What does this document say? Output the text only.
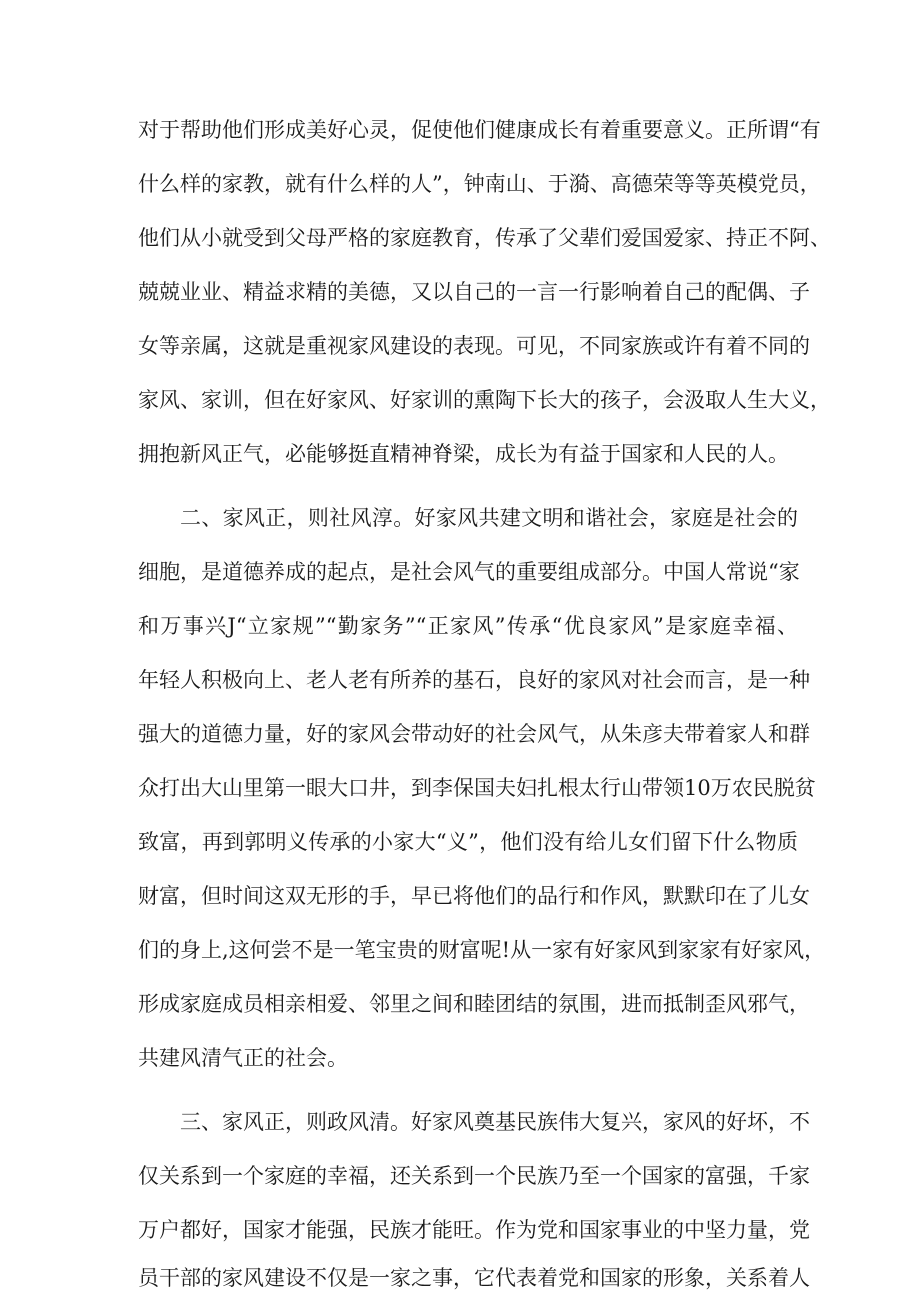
对于帮助他们形成美好心灵，促使他们健康成长有着重要意义。正所谓“有
什么样的家教，就有什么样的人”，钟南山、于漪、高德荣等等英模党员，
他们从小就受到父母严格的家庭教育，传承了父辈们爱国爱家、持正不阿、
兢兢业业、精益求精的美德，又以自己的一言一行影响着自己的配偶、子
女等亲属，这就是重视家风建设的表现。可见，不同家族或许有着不同的
家风、家训，但在好家风、好家训的熏陶下长大的孩子，会汲取人生大义，
拥抱新风正气，必能够挺直精神脊梁，成长为有益于国家和人民的人。
二、家风正，则社风淳。好家风共建文明和谐社会，家庭是社会的
细胞，是道德养成的起点，是社会风气的重要组成部分。中国人常说“家
和万事兴J“立家规”“勤家务”“正家风”传承“优良家风”是家庭幸福、
年轻人积极向上、老人老有所养的基石，良好的家风对社会而言，是一种
强大的道德力量，好的家风会带动好的社会风气，从朱彦夫带着家人和群
众打出大山里第一眼大口井，到李保国夫妇扎根太行山带领10万农民脱贫
致富，再到郭明义传承的小家大“义”，他们没有给儿女们留下什么物质
财富，但时间这双无形的手，早已将他们的品行和作风，默默印在了儿女
们的身上,这何尝不是一笔宝贵的财富呢!从一家有好家风到家家有好家风，
形成家庭成员相亲相爱、邻里之间和睦团结的氛围，进而抵制歪风邪气，
共建风清气正的社会。
三、家风正，则政风清。好家风奠基民族伟大复兴，家风的好坏，不
仅关系到一个家庭的幸福，还关系到一个民族乃至一个国家的富强，千家
万户都好，国家才能强，民族才能旺。作为党和国家事业的中坚力量，党
员干部的家风建设不仅是一家之事，它代表着党和国家的形象，关系着人
